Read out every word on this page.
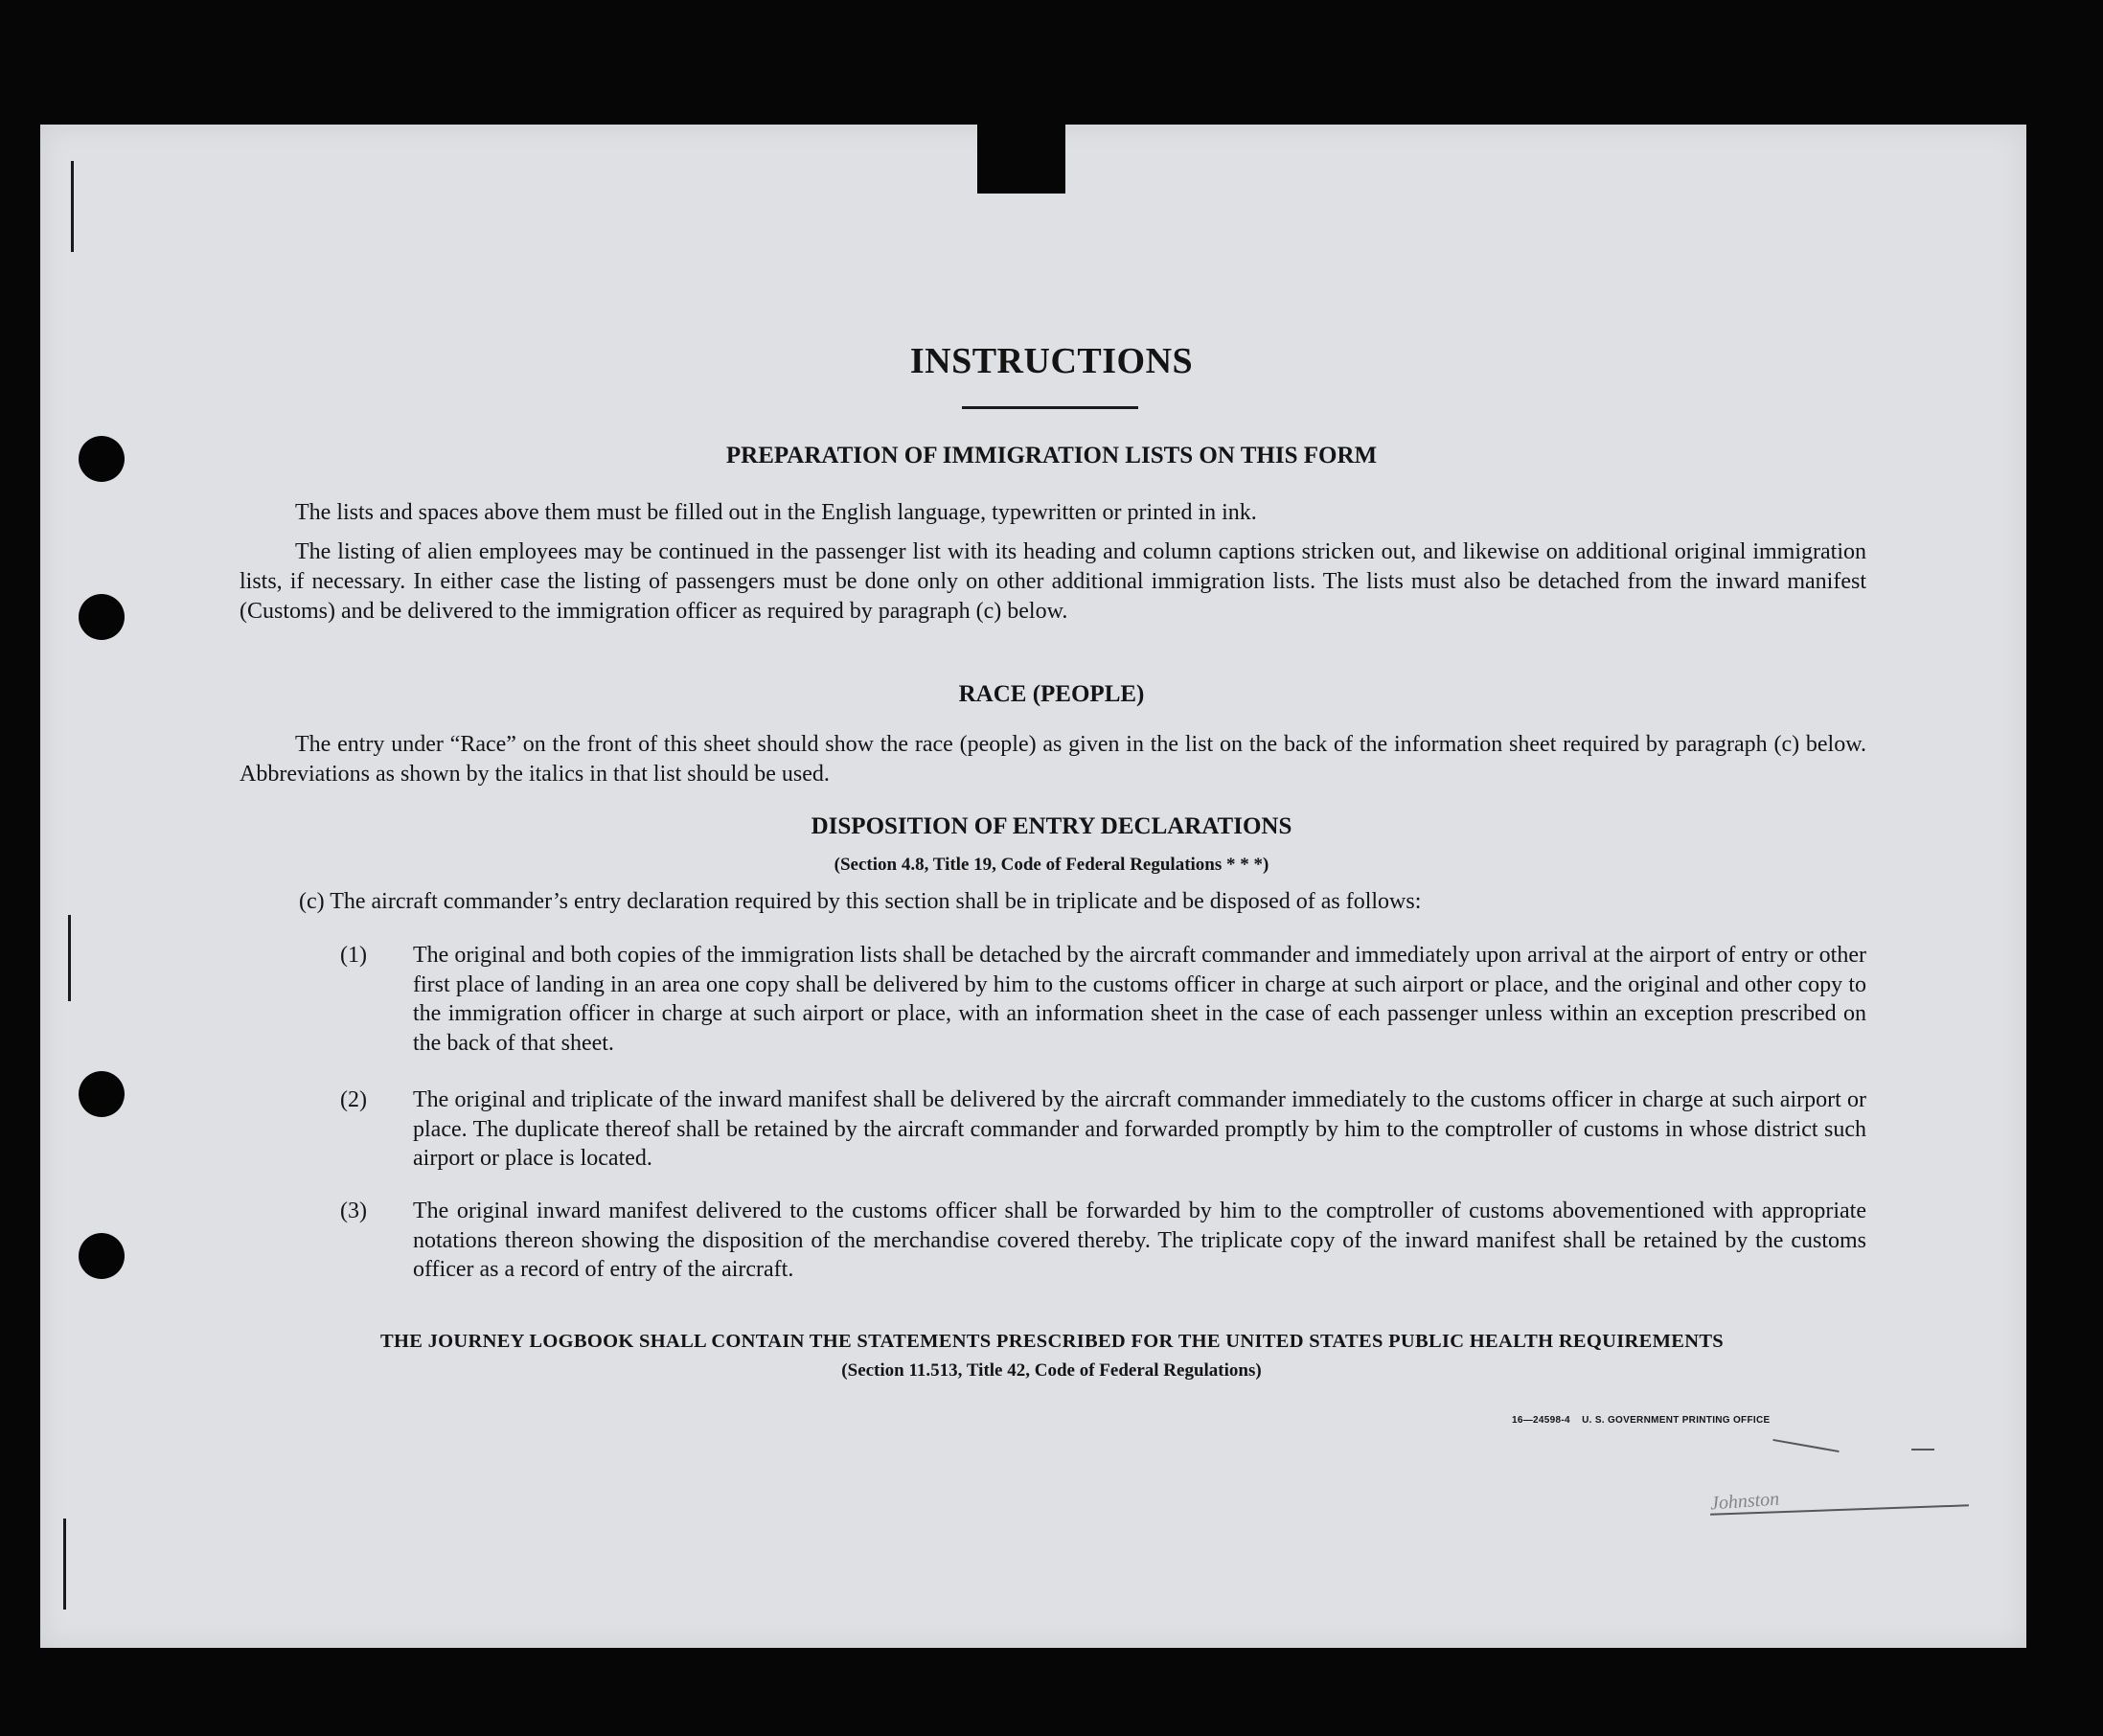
INSTRUCTIONS
PREPARATION OF IMMIGRATION LISTS ON THIS FORM

The lists and spaces above them must be filled out in the English language, typewritten or printed in ink.

The listing of alien employees may be continued in the passenger list with its heading and column captions stricken out, and likewise on additional original immigration lists, if necessary. In either case the listing of passengers must be done only on other additional immigration lists. The lists must also be detached from the inward manifest (Customs) and be delivered to the immigration officer as required by paragraph (c) below.

RACE (PEOPLE)

The entry under “Race” on the front of this sheet should show the race (people) as given in the list on the back of the information sheet required by paragraph (c) below. Abbreviations as shown by the italics in that list should be used.

DISPOSITION OF ENTRY DECLARATIONS

(Section 4.8, Title 19, Code of Federal Regulations * * *)

(c) The aircraft commander’s entry declaration required by this section shall be in triplicate and be disposed of as follows:

(1) The original and both copies of the immigration lists shall be detached by the aircraft commander and immediately upon arrival at the airport of entry or other first place of landing in an area one copy shall be delivered by him to the customs officer in charge at such airport or place, and the original and other copy to the immigration officer in charge at such airport or place, with an information sheet in the case of each passenger unless within an exception prescribed on the back of that sheet.
(2) The original and triplicate of the inward manifest shall be delivered by the aircraft commander immediately to the customs officer in charge at such airport or place. The duplicate thereof shall be retained by the aircraft commander and forwarded promptly by him to the comptroller of customs in whose district such airport or place is located.
(3) The original inward manifest delivered to the customs officer shall be forwarded by him to the comptroller of customs abovementioned with appropriate notations thereon showing the disposition of the merchandise covered thereby. The triplicate copy of the inward manifest shall be retained by the customs officer as a record of entry of the aircraft.

THE JOURNEY LOGBOOK SHALL CONTAIN THE STATEMENTS PRESCRIBED FOR THE UNITED STATES PUBLIC HEALTH REQUIREMENTS

(Section 11.513, Title 42, Code of Federal Regulations)

16—24598-4 U. S. GOVERNMENT PRINTING OFFICE

Johnston
